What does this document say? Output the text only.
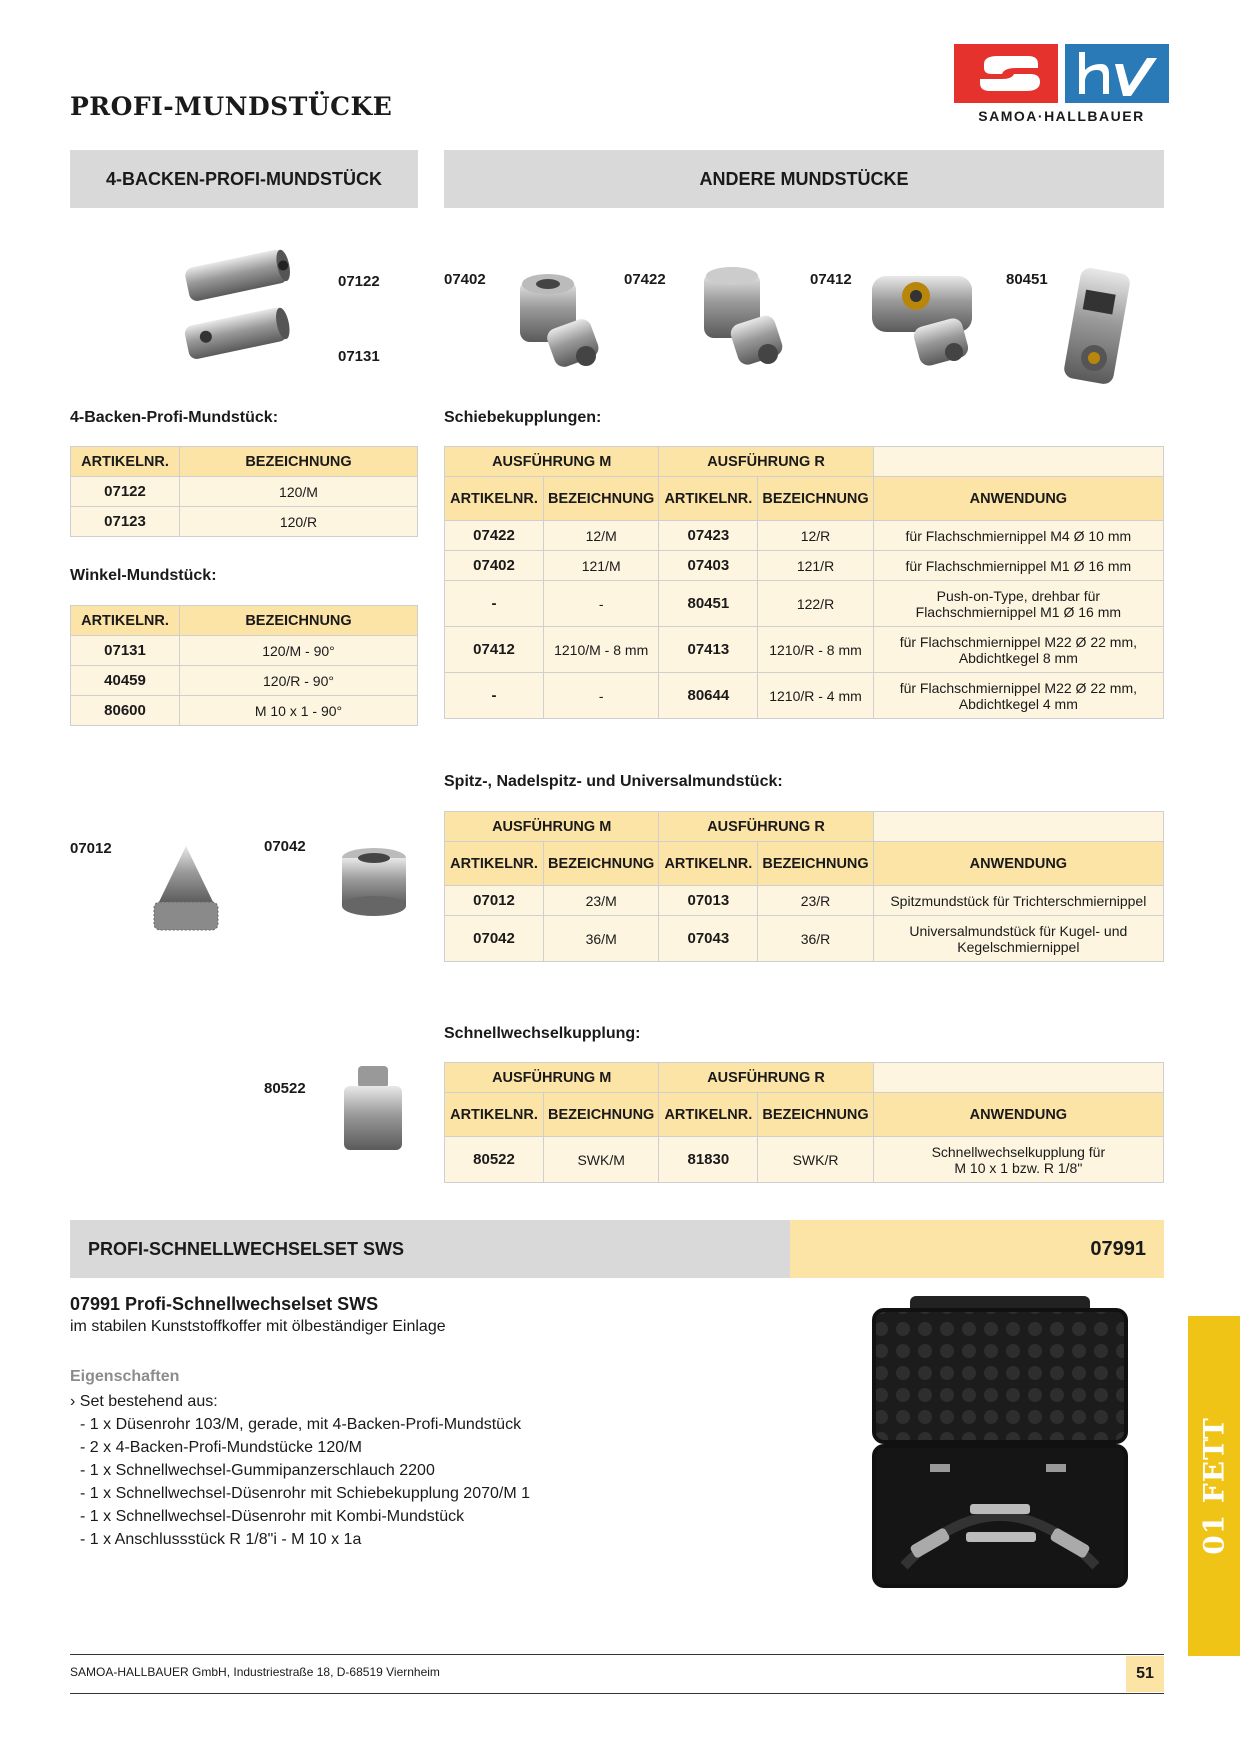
PROFI-MUNDSTÜCKE	SAMOA·HALLBAUER
4-BACKEN-PROFI-MUNDSTÜCK	ANDERE MUNDSTÜCKE
07122
07131
07402	07422	07412	80451
4-Backen-Profi-Mundstück:
ARTIKELNR.	BEZEICHNUNG
07122	120/M
07123	120/R
Winkel-Mundstück:
ARTIKELNR.	BEZEICHNUNG
07131	120/M - 90°
40459	120/R - 90°
80600	M 10 x 1 - 90°
Schiebekupplungen:
AUSFÜHRUNG M		AUSFÜHRUNG R		
ARTIKELNR.	BEZEICHNUNG	ARTIKELNR.	BEZEICHNUNG	ANWENDUNG
07422	12/M	07423	12/R	für Flachschmiernippel M4 Ø 10 mm

07402	121/M	07403	121/R	für Flachschmiernippel M1 Ø 16 mm

-	-	80451	122/R	Push-on-Type, drehbar für
Flachschmiernippel M1 Ø 16 mm

07412	1210/M - 8 mm	07413	1210/R - 8 mm	für Flachschmiernippel M22 Ø 22 mm,
Abdichtkegel 8 mm

-	-	80644	1210/R - 4 mm	für Flachschmiernippel M22 Ø 22 mm,
Abdichtkegel 4 mm
07012	07042
Spitz-, Nadelspitz- und Universalmundstück:
AUSFÜHRUNG M		AUSFÜHRUNG R		
ARTIKELNR.	BEZEICHNUNG	ARTIKELNR.	BEZEICHNUNG	ANWENDUNG
07012	23/M	07013	23/R	Spitzmundstück für Trichterschmiernippel

07042	36/M	07043	36/R	Universalmundstück für Kugel- und
Kegelschmiernippel
80522
Schnellwechselkupplung:
AUSFÜHRUNG M		AUSFÜHRUNG R		
ARTIKELNR.	BEZEICHNUNG	ARTIKELNR.	BEZEICHNUNG	ANWENDUNG
80522	SWK/M	81830	SWK/R	Schnellwechselkupplung für
M 10 x 1 bzw. R 1/8"
PROFI-SCHNELLWECHSELSET SWS	07991
07991 Profi-Schnellwechselset SWS
im stabilen Kunststoffkoffer mit ölbeständiger Einlage
Eigenschaften
› Set bestehend aus:
- 1 x Düsenrohr 103/M, gerade, mit 4-Backen-Profi-Mundstück
- 2 x 4-Backen-Profi-Mundstücke 120/M
- 1 x Schnellwechsel-Gummipanzerschlauch 2200
- 1 x Schnellwechsel-Düsenrohr mit Schiebekupplung 2070/M 1
- 1 x Schnellwechsel-Düsenrohr mit Kombi-Mundstück
- 1 x Anschlussstück R 1/8"i - M 10 x 1a	01 FETT
SAMOA-HALLBAUER GmbH, Industriestraße 18, D-68519 Viernheim	51
